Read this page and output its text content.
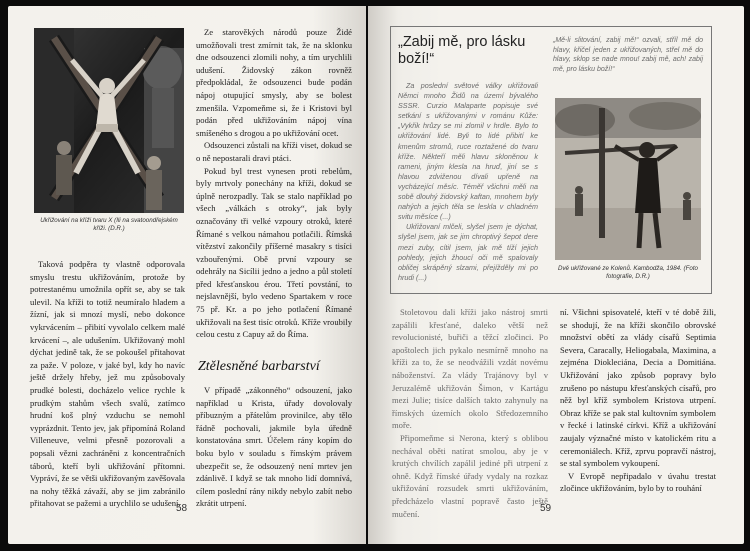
Ukřižování na kříži tvaru X (Ili na svatoondřejském kříži. (D.R.)

Taková podpěra ty vlastně odporovala smyslu trestu ukřižováním, protože by potrestanému umožnila opřít se, aby se tak ulevil. Na kříži to totiž neumíralo hladem a žízní, jak si mnozí myslí, nebo dokonce vykrvácením – přibití vyvolalo celkem malé krvácení –, ale udušením. Ukřižovaný mohl dýchat jedině tak, že se pokoušel přitahovat za paže. V poloze, v jaké byl, kdy ho navíc ještě držely hřeby, jež mu způsobovaly prudké bolesti, docházelo velice rychle k prudkým stahům všech svalů, zatímco hrudní koš plný vzduchu se nemohl vyprázdnit. Tento jev, jak připomíná Roland Villeneuve, velmi přesně pozorovali a popsali vězni zachráněni z koncentračních táborů, kteří byli ukřižování přítomni. Vypráví, že se větši ukřižovaným zavěšovala na nohy těžká závaží, aby se jim zabránilo přitahovat se pažemi a urychlilo se udušení.

Ze starověkých národů pouze Židé umožňovali trest zmírnit tak, že na sklonku dne odsouzenci zlomili nohy, a tím urychlili udušení. Židovský zákon rovněž předpokládal, že odsouzenci bude podán nápoj otupující smysly, aby se bolest zmenšila. Vzpomeňme si, že i Kristovi byl podán před ukřižováním nápoj vína smíšeného s drogou a po ukřižování ocet.

Odsouzenci zůstali na kříži viset, dokud se o ně nepostarali dravi ptáci.

Pokud byl trest vynesen proti rebelům, byly mrtvoly ponechány na kříži, dokud se úplně nerozpadly. Tak se stalo například po všech „válkách s otroky“, jak byly označovány tři velké vzpoury otroků, které Římané s velkou námahou potlačili. Římská vítězství zakončily příšerné masakry s tisíci vzbouřenými. Obě první vzpoury se odehrály na Sicílii jedno a jedno a půl století před křesťanskou érou. Třetí povstání, to nejslavnější, bylo vedeno Spartakem v roce 75 př. Kr. a po jeho potlačení Římané ukřižovali na šest tisíc otroků. Kříže vroubily celou cestu z Capuy až do Říma.

Ztělesněné barbarství

V případě „zákonného“ odsouzení, jako například u Krista, úřady dovolovaly příbuzným a přátelům provinilce, aby tělo řádně pochovali, jakmile byla úředně konstatována smrt. Účelem rány kopím do boku bylo v souladu s římským právem ubezpečit se, že odsouzený není mrtev jen zdánlivě. I když se tak mnoho lidí domnívá, cílem poslední rány nikdy nebylo zabít nebo zkrátit utrpení.

58
„Zabij mě, pro lásku boží!“

Za poslední světové války ukřižovali Němci mnoho Židů na území bývalého SSSR. Curzio Malaparte popisuje své setkání s ukřižovanými v románu Kůže: „Vykřik hrůzy se mi zlomil v hrdle. Bylo to ukřižování lidé. Byli to lidé přibití ke kmenům stromů, ruce roztažené do tvaru kříže. Někteří měli hlavu skloněnou k rameni, jiným klesla na hruď, jiní se s hlavou zdviženou dívali upřeně na vycházející měsíc. Téměř všichni měli na sobě dlouhý židovský kaftan, mnohem byly nahých a jejich těla se leskla v chladném svitu měsíce (...)

Ukřižovaní mlčeli, slyšel jsem je dýchat, slyšel jsem, jak se jim chroptivý šepot dere mezi zuby, cítil jsem, jak mě tíží jejich pohledy, jejich žhoucí oči mě spalovaly obličej skrápěný slzami, přejížděly mi po hrudi (...)

„Mě-li slitování, zabij mě!“ ozvali, stříl mě do hlavy, křičel jeden z ukřižovaných, střel mě do hlavy, sklop se nade mnou! zabij mě, ach! zabij mě, pro lásku boží!“

Dvě ukřižované ze Kolenů. Kambodža, 1984. (Foto fotografie, D.R.)

Stoletovou dali kříži jako nástroj smrti zapálili křesťané, daleko větší než revolucionisté, buřiči a těžcí zločinci. Po apoštolech jich pykalo nesmírně mnoho na kříži za to, že se neodvážili vzdát novému náboženství. Za vlády Trajánovy byl v Jeruzalémě ukřižován Šimon, v Kartágu mezi Julie; tisíce dalších takto zahynuly na římských územích okolo Středozemního moře.

Připomeňme si Nerona, který s oblibou nechával oběti natírat smolou, aby je v krutých chvílích zapálil jediné při utrpení z ohně. Když římské úřady vydaly na rozkaz ukřižování rozsudek smrti ukřižováním, předcházelo vlastní popravě často ještě mučení.

ní. Všichni spisovatelé, kteří v té době žili, se shodují, že na kříži skončilo obrovské množství obětí za vlády císařů Septimia Severa, Caracally, Heliogabala, Maximina, a zejména Diokleciána, Decia a Domitiána. Ukřižování jako způsob popravy bylo zrušeno po nástupu křesťanských císařů, pro něž byl kříž symbolem Kristova utrpení. Obraz kříže se pak stal kultovním symbolem v řecké i latinské církvi. Kříž a ukřižování zaujaly význačné místo v katolickém ritu a ceremoniálech. Kříž, zprvu popravčí nástroj, se stal symbolem vykoupení.

V Evropě nepřipadalo v úvahu trestat zločince ukřižováním, bylo by to rouhání

59
